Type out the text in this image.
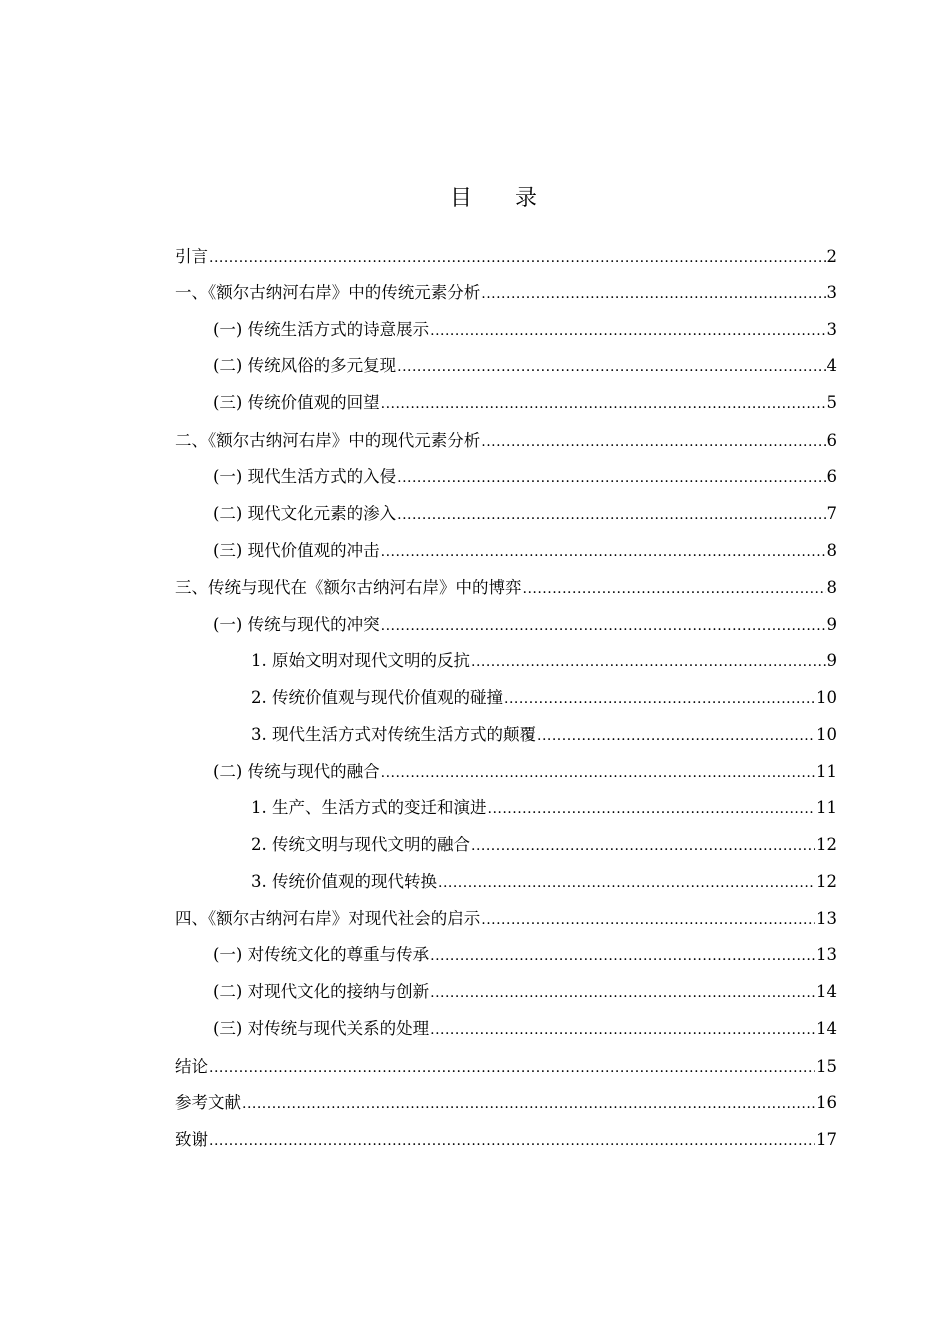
目 录
引言 .....	2
一、《额尔古纳河右岸》中的传统元素分析 .....	3
(一) 传统生活方式的诗意展示 .....	3
(二) 传统风俗的多元复现 .....	4
(三) 传统价值观的回望 .....	5
二、《额尔古纳河右岸》中的现代元素分析 .....	6
(一) 现代生活方式的入侵 .....	6
(二) 现代文化元素的渗入 .....	7
(三) 现代价值观的冲击 .....	8
三、传统与现代在《额尔古纳河右岸》中的博弈 .....	8
(一) 传统与现代的冲突 .....	9
1. 原始文明对现代文明的反抗 .....	9
2. 传统价值观与现代价值观的碰撞 .....	10
3. 现代生活方式对传统生活方式的颠覆 .....	10
(二) 传统与现代的融合 .....	11
1. 生产、生活方式的变迁和演进 .....	11
2. 传统文明与现代文明的融合 .....	12
3. 传统价值观的现代转换 .....	12
四、《额尔古纳河右岸》对现代社会的启示 .....	13
(一) 对传统文化的尊重与传承 .....	13
(二) 对现代文化的接纳与创新 .....	14
(三) 对传统与现代关系的处理 .....	14
结论 .....	15
参考文献 .....	16
致谢 .....	17
